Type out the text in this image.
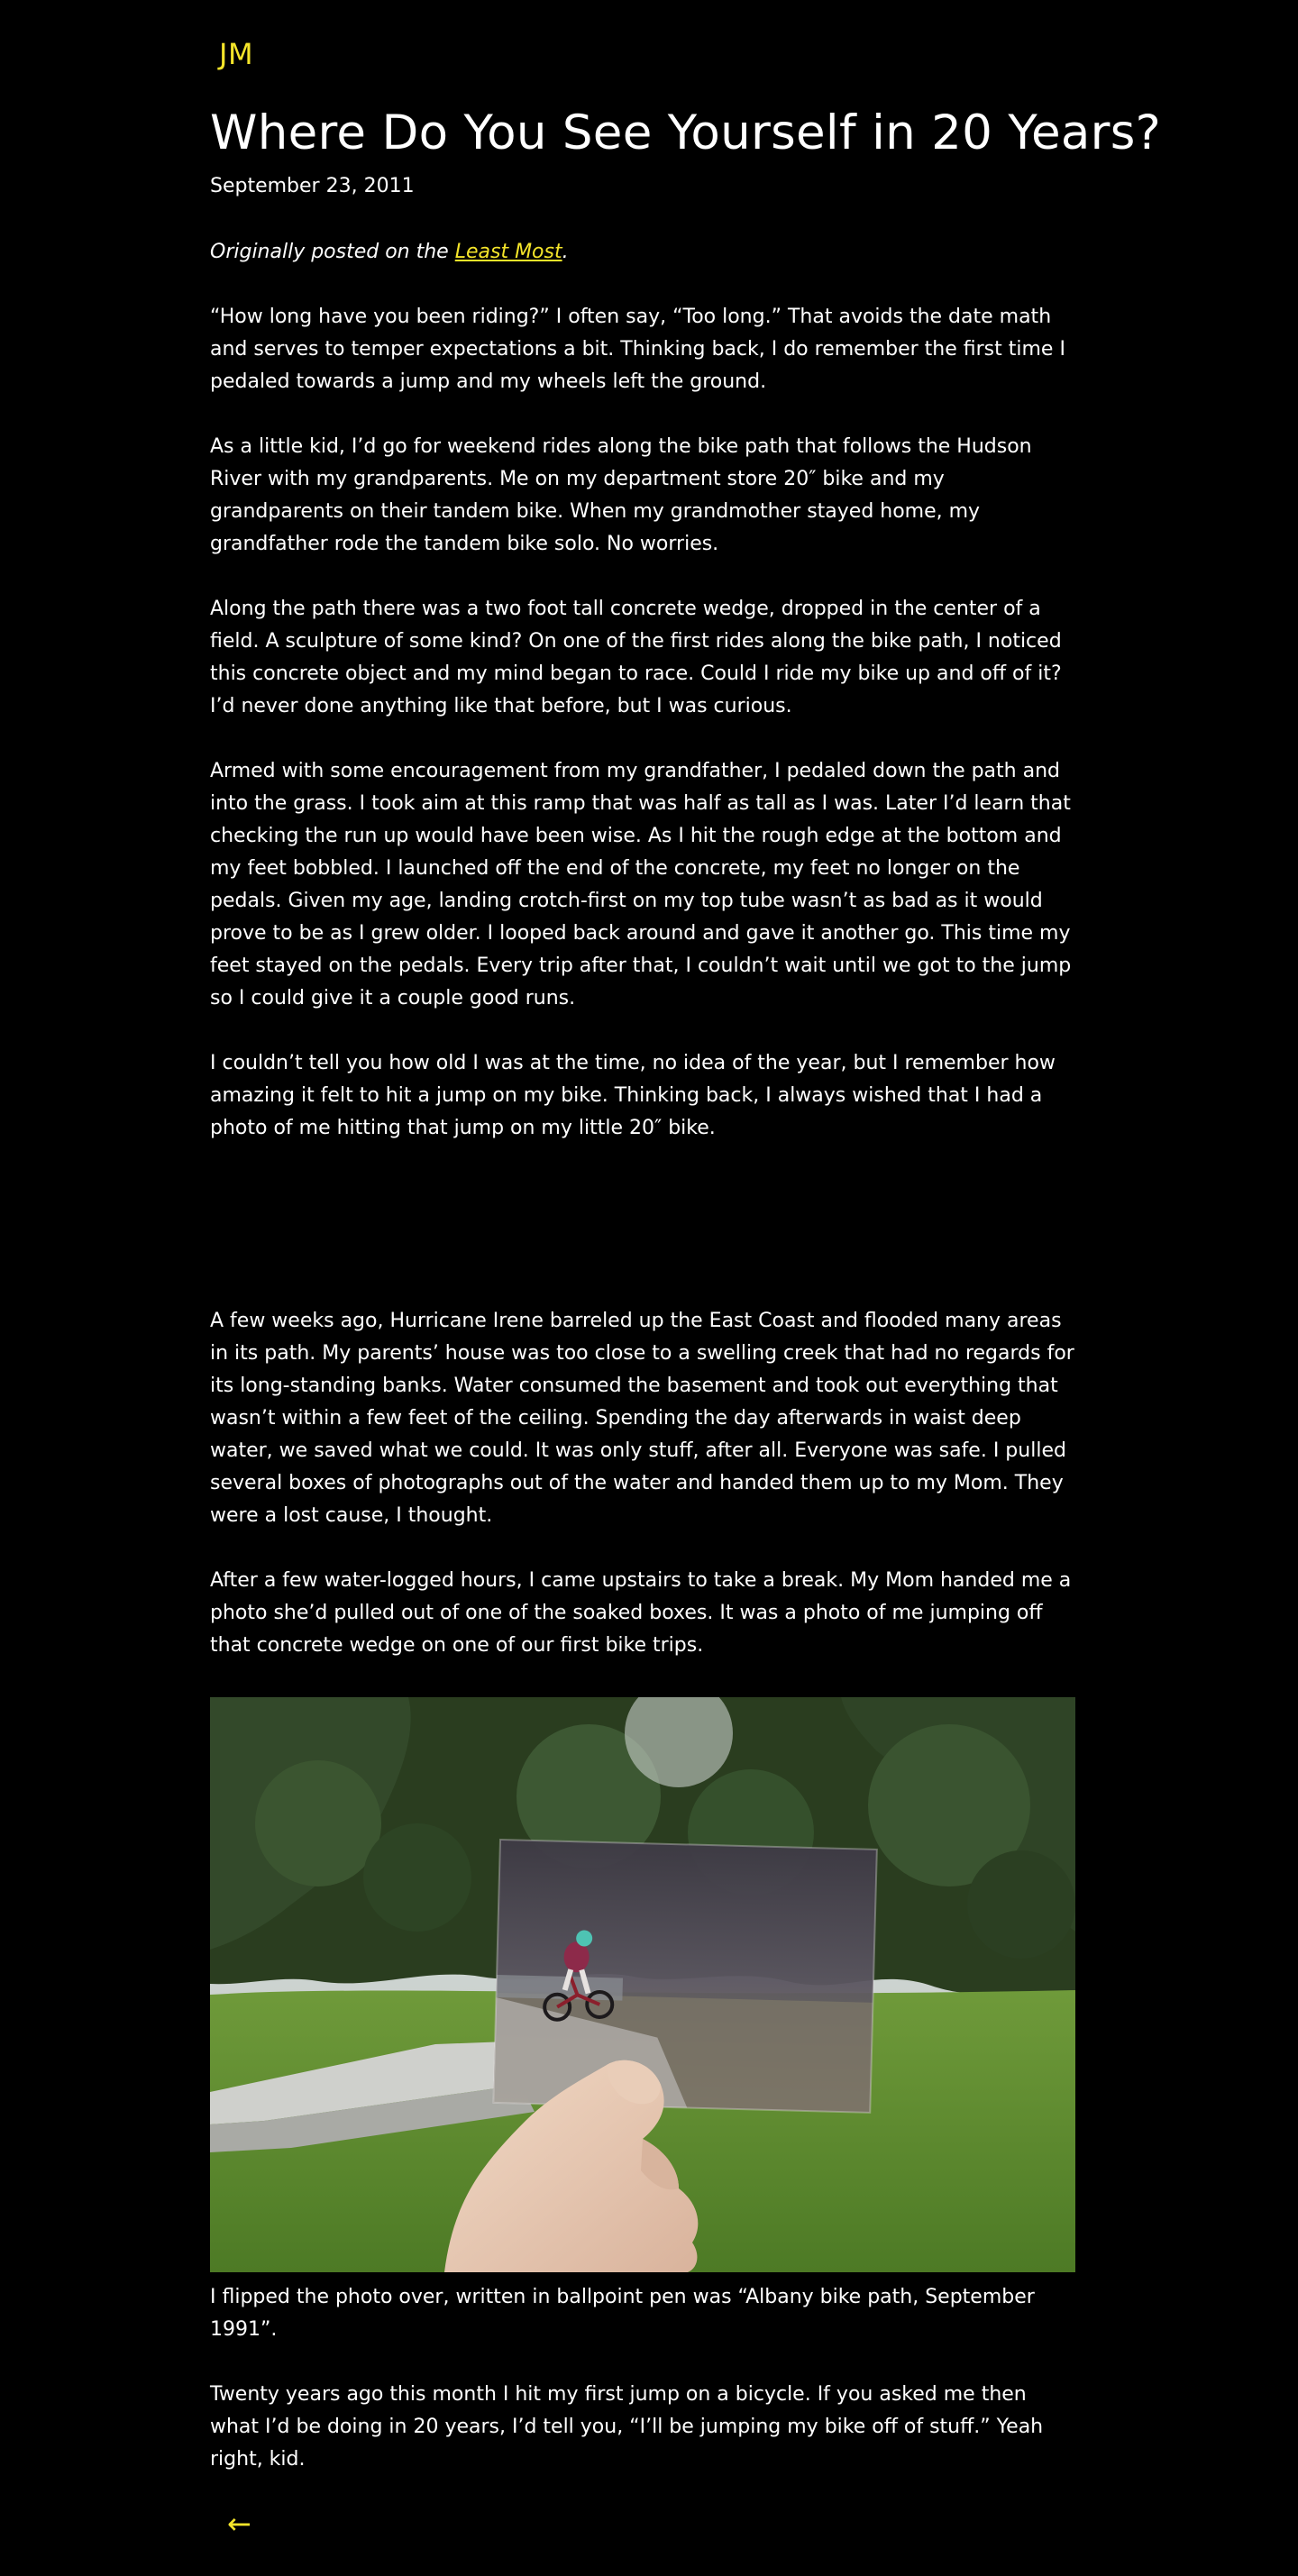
JM
Where Do You See Yourself in 20 Years?
September 23, 2011

Originally posted on the Least Most.

“How long have you been riding?” I often say, “Too long.” That avoids the date math and serves to temper expectations a bit. Thinking back, I do remember the first time I pedaled towards a jump and my wheels left the ground.

As a little kid, I’d go for weekend rides along the bike path that follows the Hudson River with my grandparents. Me on my department store 20″ bike and my grandparents on their tandem bike. When my grandmother stayed home, my grandfather rode the tandem bike solo. No worries.

Along the path there was a two foot tall concrete wedge, dropped in the center of a field. A sculpture of some kind? On one of the first rides along the bike path, I noticed this concrete object and my mind began to race. Could I ride my bike up and off of it? I’d never done anything like that before, but I was curious.

Armed with some encouragement from my grandfather, I pedaled down the path and into the grass. I took aim at this ramp that was half as tall as I was. Later I’d learn that checking the run up would have been wise. As I hit the rough edge at the bottom and my feet bobbled. I launched off the end of the concrete, my feet no longer on the pedals. Given my age, landing crotch-first on my top tube wasn’t as bad as it would prove to be as I grew older. I looped back around and gave it another go. This time my feet stayed on the pedals. Every trip after that, I couldn’t wait until we got to the jump so I could give it a couple good runs.

I couldn’t tell you how old I was at the time, no idea of the year, but I remember how amazing it felt to hit a jump on my bike. Thinking back, I always wished that I had a photo of me hitting that jump on my little 20″ bike.

A few weeks ago, Hurricane Irene barreled up the East Coast and flooded many areas in its path. My parents’ house was too close to a swelling creek that had no regards for its long-standing banks. Water consumed the basement and took out everything that wasn’t within a few feet of the ceiling. Spending the day afterwards in waist deep water, we saved what we could. It was only stuff, after all. Everyone was safe. I pulled several boxes of photographs out of the water and handed them up to my Mom. They were a lost cause, I thought.

After a few water-logged hours, I came upstairs to take a break. My Mom handed me a photo she’d pulled out of one of the soaked boxes. It was a photo of me jumping off that concrete wedge on one of our first bike trips.

I flipped the photo over, written in ballpoint pen was “Albany bike path, September 1991”.

Twenty years ago this month I hit my first jump on a bicycle. If you asked me then what I’d be doing in 20 years, I’d tell you, “I’ll be jumping my bike off of stuff.” Yeah right, kid.

←
